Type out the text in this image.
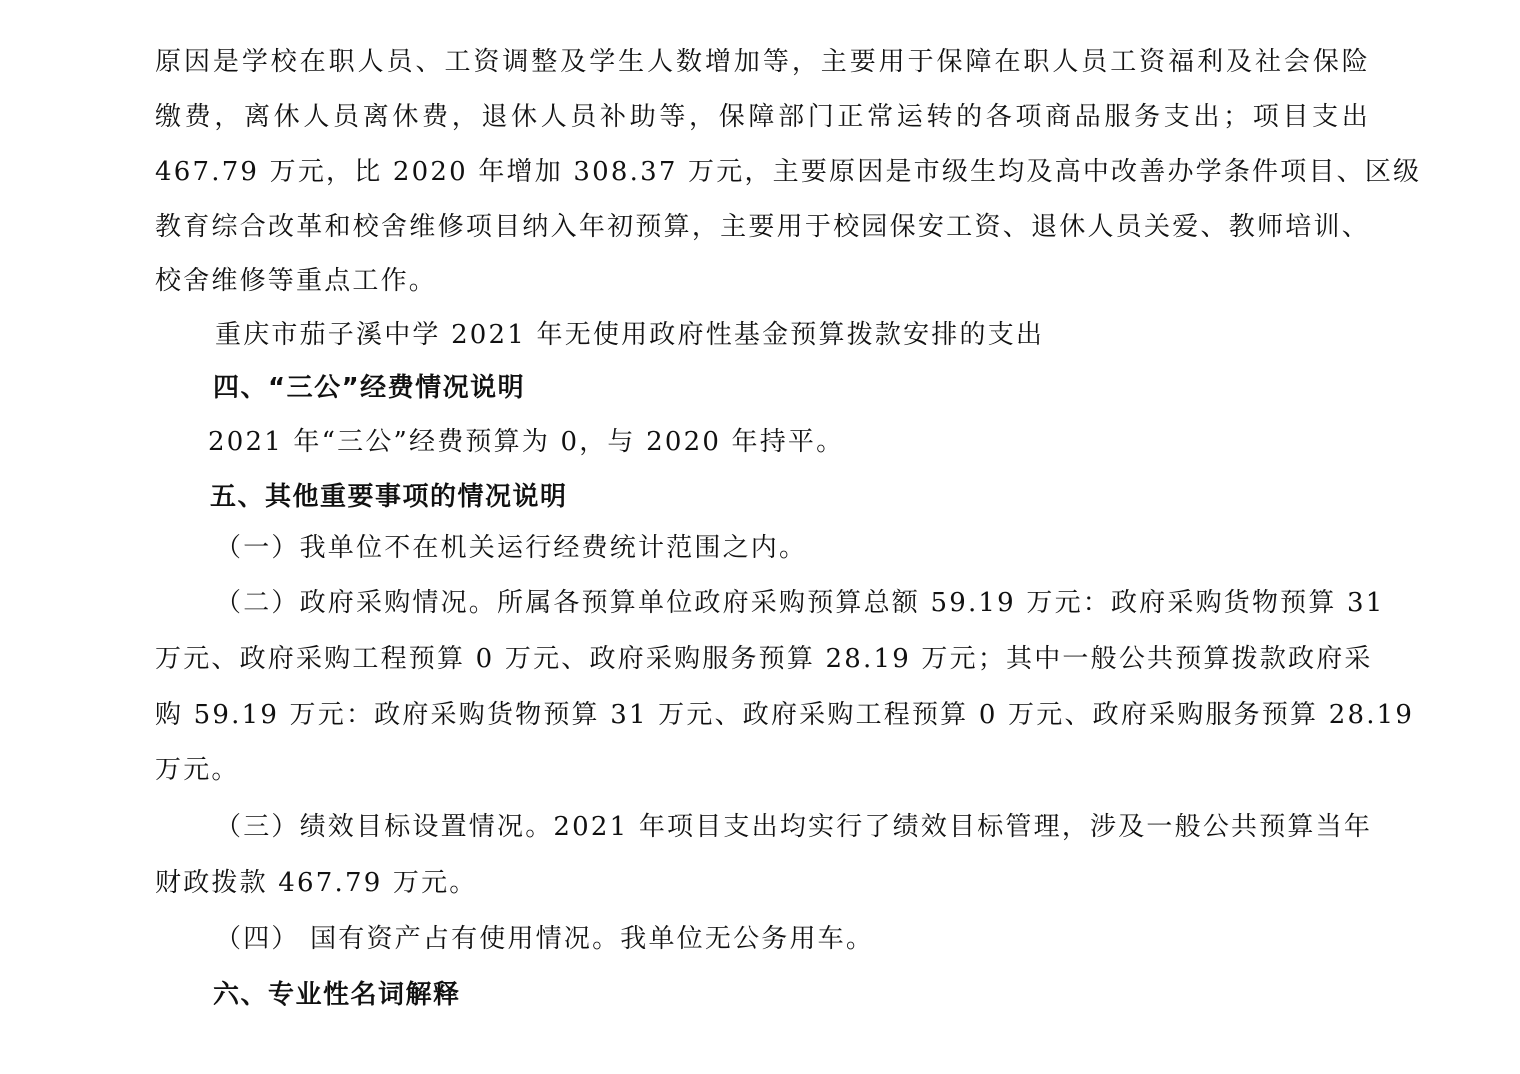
原因是学校在职人员、工资调整及学生人数增加等，主要用于保障在职人员工资福利及社会保险
缴费，离休人员离休费，退休人员补助等，保障部门正常运转的各项商品服务支出；项目支出
467.79 万元，比 2020 年增加 308.37 万元，主要原因是市级生均及高中改善办学条件项目、区级
教育综合改革和校舍维修项目纳入年初预算，主要用于校园保安工资、退休人员关爱、教师培训、
校舍维修等重点工作。
重庆市茄子溪中学 2021 年无使用政府性基金预算拨款安排的支出
四、“三公”经费情况说明
2021 年“三公”经费预算为 0，与 2020 年持平。
五、其他重要事项的情况说明
（一）我单位不在机关运行经费统计范围之内。
（二）政府采购情况。所属各预算单位政府采购预算总额 59.19 万元：政府采购货物预算 31
万元、政府采购工程预算 0 万元、政府采购服务预算 28.19 万元；其中一般公共预算拨款政府采
购 59.19 万元：政府采购货物预算 31 万元、政府采购工程预算 0 万元、政府采购服务预算 28.19
万元。
（三）绩效目标设置情况。2021 年项目支出均实行了绩效目标管理，涉及一般公共预算当年
财政拨款 467.79 万元。
（四） 国有资产占有使用情况。我单位无公务用车。
六、专业性名词解释
